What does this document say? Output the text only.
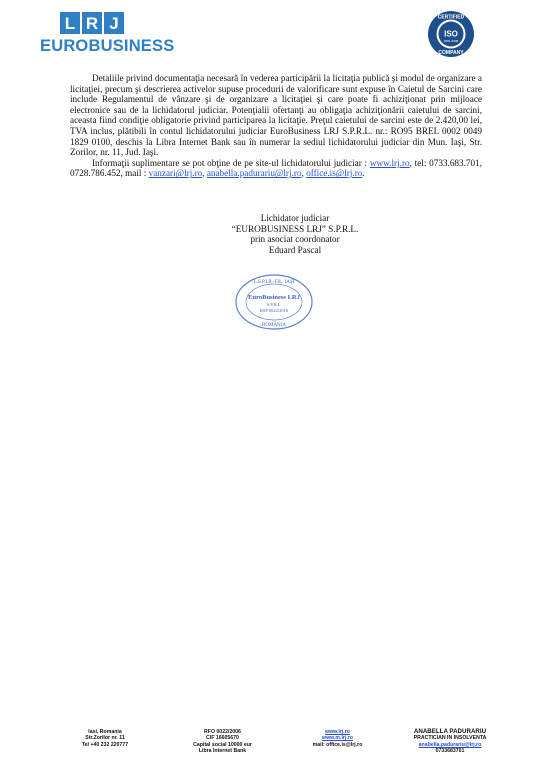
L R J
EUROBUSINESS
CERTIFIED
ISO
9001:2008
COMPANY

Detaliile privind documentaţia necesară în vederea participării la licitaţia publică şi modul de organizare a licitaţiei, precum şi descrierea activelor supuse procedurii de valorificare sunt expuse în Caietul de Sarcini care include Regulamentul de vânzare şi de organizare a licitaţiei şi care poate fi achiziţionat prin mijloace electronice sau de la lichidatorul judiciar. Potenţialii ofertanţi au obligaţia achiziţionării caietului de sarcini, aceasta fiind condiţie obligatorie privind participarea la licitaţie. Preţul caietului de sarcini este de 2.420,00 lei, TVA inclus, plătibili în contul lichidatorului judiciar EuroBusiness LRJ S.P.R.L. nr.: RO95 BREL 0002 0049 1829 0100, deschis la Libra Internet Bank sau în numerar la sediul lichidatorului judiciar din Mun. Iaşi, Str. Zorilor, nr. 11, Jud. Iaşi.

Informaţii suplimentare se pot obţine de pe site-ul lichidatorului judiciar : www.lrj.ro, tel: 0733.683.701, 0728.786.452, mail : vanzari@lrj.ro, anabella.padurariu@lrj.ro, office.is@lrj.ro.

Lichidator judiciar
“EUROBUSINESS LRJ” S.P.R.L.
prin asociat coordonator
Eduard Pascal
L.S.P.I.R.-FIL. IAŞI
EuroBusiness LRJ
S.P.R.L.
RSP 0022/2016
ROMÂNIA
Iasi, Romania
Str.Zorilor nr. 11
Tel +40 232 220777
RFO 0022/2006
CIF 16605670
Capital social 10000 eur
Libra Internet Bank
www.lrj.ro
www.m.lrj.ro
mail: office.is@lrj.ro
ANABELLA PADURARIU
PRACTICIAN IN INSOLVENTA
anabella.padurariu@lrj.ro
0733683701
